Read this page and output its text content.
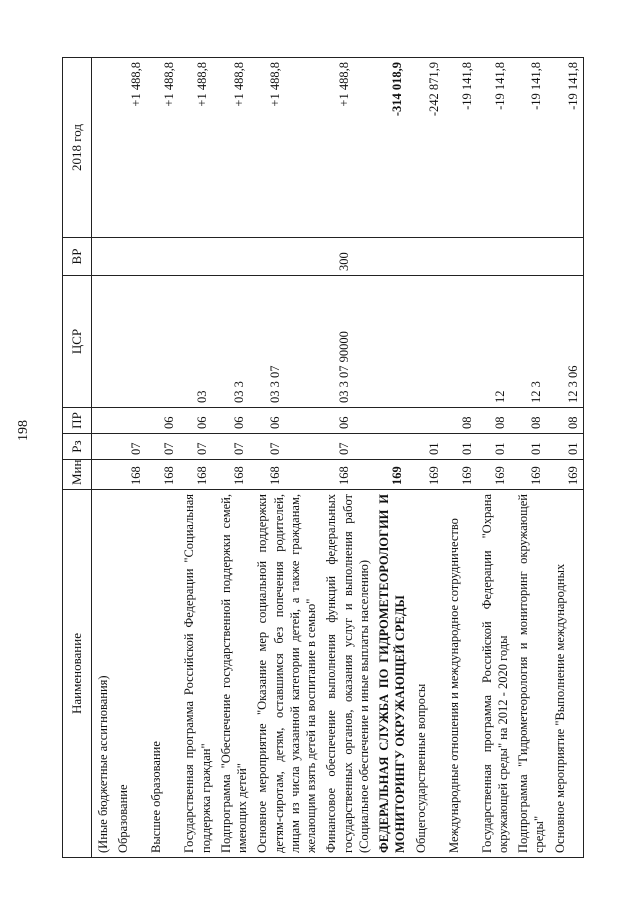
198
Наименование	Мин	Рз	ПР	ЦСР	ВР	2018 год
(Иные бюджетные ассигнования)						
Образование	168	07				+1 488,8
Высшее образование	168	07	06			+1 488,8
Государственная программа Российской Федерации "Социальная поддержка граждан"	168	07	06	03		+1 488,8
Подпрограмма "Обеспечение государственной поддержки семей, имеющих детей"	168	07	06	03 3		+1 488,8
Основное мероприятие "Оказание мер социальной поддержки детям-сиротам, детям, оставшимся без попечения родителей, лицам из числа указанной категории детей, а также гражданам, желающим взять детей на воспитание в семью"	168	07	06	03 3 07		+1 488,8
Финансовое обеспечение выполнения функций федеральных государственных органов, оказания услуг и выполнения работ (Социальное обеспечение и иные выплаты населению)	168	07	06	03 3 07 90000	300	+1 488,8
ФЕДЕРАЛЬНАЯ СЛУЖБА ПО ГИДРОМЕТЕОРОЛОГИИ И МОНИТОРИНГУ ОКРУЖАЮЩЕЙ СРЕДЫ	169					-314 018,9
Общегосударственные вопросы	169	01				-242 871,9
Международные отношения и международное сотрудничество	169	01	08			-19 141,8
Государственная программа Российской Федерации "Охрана окружающей среды" на 2012 - 2020 годы	169	01	08	12		-19 141,8
Подпрограмма "Гидрометеорология и мониторинг окружающей среды"	169	01	08	12 3		-19 141,8
Основное мероприятие "Выполнение международных	169	01	08	12 3 06		-19 141,8
